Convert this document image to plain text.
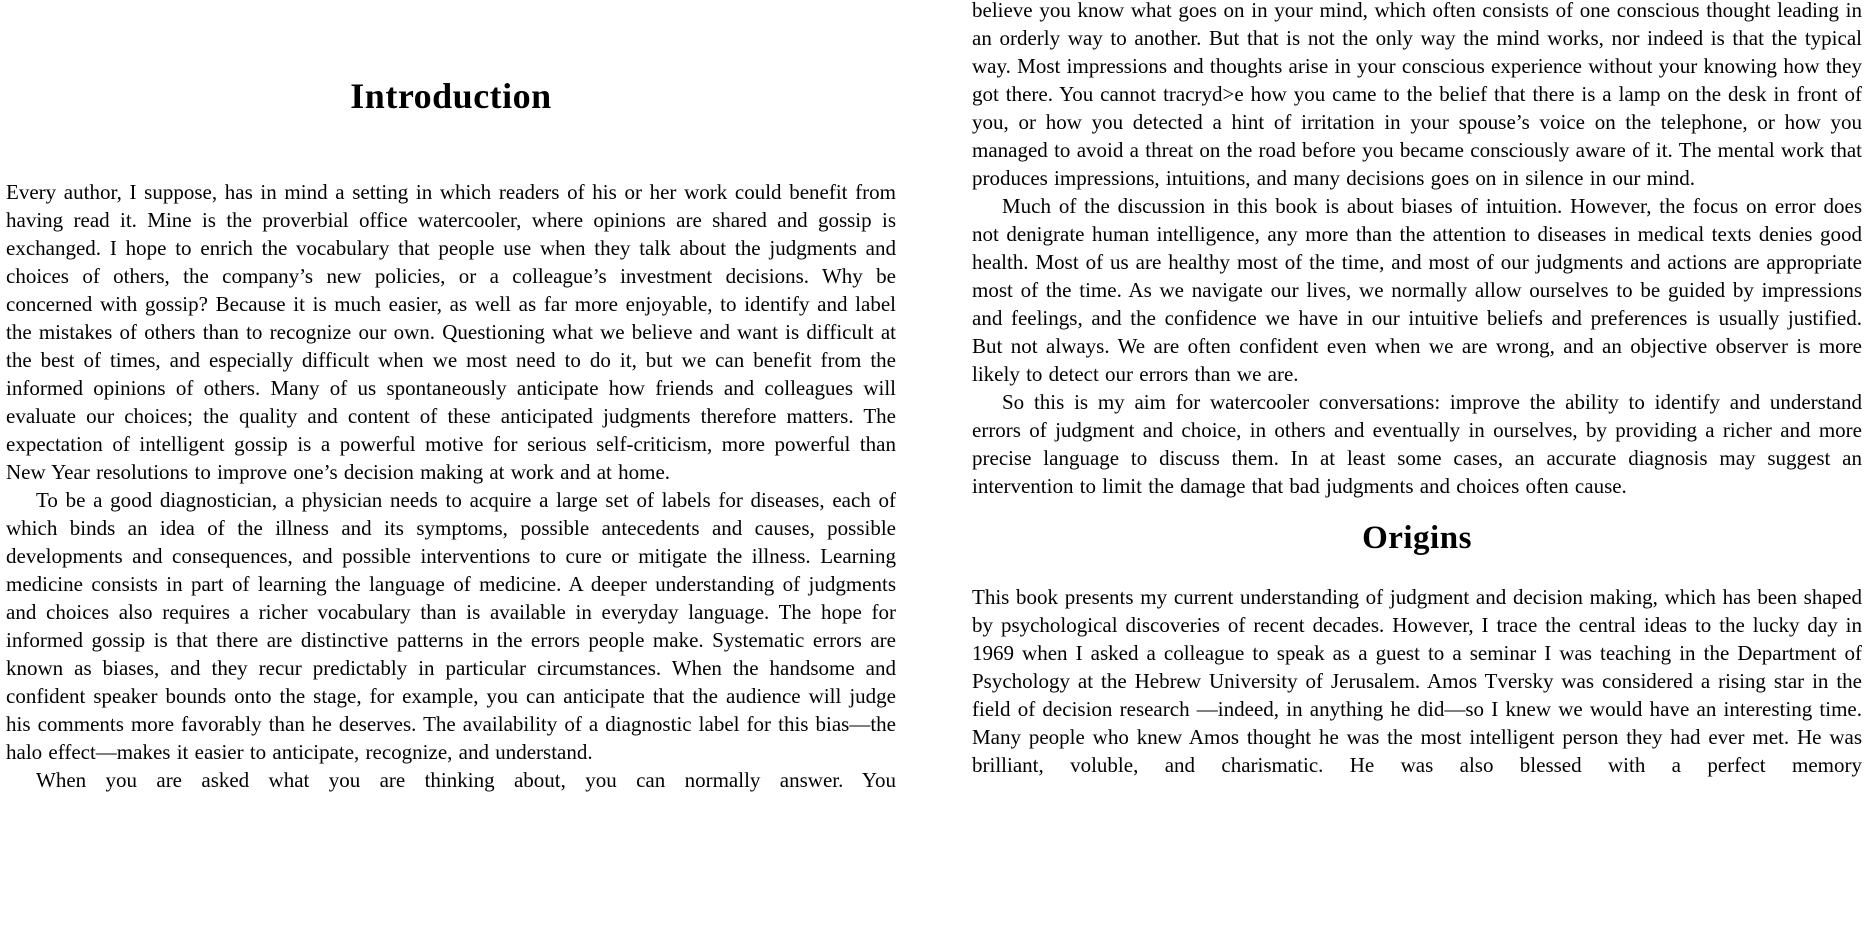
Introduction

Every author, I suppose, has in mind a setting in which readers of his or her work could benefit from having read it. Mine is the proverbial office watercooler, where opinions are shared and gossip is exchanged. I hope to enrich the vocabulary that people use when they talk about the judgments and choices of others, the company’s new policies, or a colleague’s investment decisions. Why be concerned with gossip? Because it is much easier, as well as far more enjoyable, to identify and label the mistakes of others than to recognize our own. Questioning what we believe and want is difficult at the best of times, and especially difficult when we most need to do it, but we can benefit from the informed opinions of others. Many of us spontaneously anticipate how friends and colleagues will evaluate our choices; the quality and content of these anticipated judgments therefore matters. The expectation of intelligent gossip is a powerful motive for serious self-criticism, more powerful than New Year resolutions to improve one’s decision making at work and at home.

To be a good diagnostician, a physician needs to acquire a large set of labels for diseases, each of which binds an idea of the illness and its symptoms, possible antecedents and causes, possible developments and consequences, and possible interventions to cure or mitigate the illness. Learning medicine consists in part of learning the language of medicine. A deeper understanding of judgments and choices also requires a richer vocabulary than is available in everyday language. The hope for informed gossip is that there are distinctive patterns in the errors people make. Systematic errors are known as biases, and they recur predictably in particular circumstances. When the handsome and confident speaker bounds onto the stage, for example, you can anticipate that the audience will judge his comments more favorably than he deserves. The availability of a diagnostic label for this bias—the halo effect—makes it easier to anticipate, recognize, and understand.

When you are asked what you are thinking about, you can normally answer. You

believe you know what goes on in your mind, which often consists of one conscious thought leading in an orderly way to another. But that is not the only way the mind works, nor indeed is that the typical way. Most impressions and thoughts arise in your conscious experience without your knowing how they got there. You cannot tracryd>e how you came to the belief that there is a lamp on the desk in front of you, or how you detected a hint of irritation in your spouse’s voice on the telephone, or how you managed to avoid a threat on the road before you became consciously aware of it. The mental work that produces impressions, intuitions, and many decisions goes on in silence in our mind.

Much of the discussion in this book is about biases of intuition. However, the focus on error does not denigrate human intelligence, any more than the attention to diseases in medical texts denies good health. Most of us are healthy most of the time, and most of our judgments and actions are appropriate most of the time. As we navigate our lives, we normally allow ourselves to be guided by impressions and feelings, and the confidence we have in our intuitive beliefs and preferences is usually justified. But not always. We are often confident even when we are wrong, and an objective observer is more likely to detect our errors than we are.

So this is my aim for watercooler conversations: improve the ability to identify and understand errors of judgment and choice, in others and eventually in ourselves, by providing a richer and more precise language to discuss them. In at least some cases, an accurate diagnosis may suggest an intervention to limit the damage that bad judgments and choices often cause.

Origins

This book presents my current understanding of judgment and decision making, which has been shaped by psychological discoveries of recent decades. However, I trace the central ideas to the lucky day in 1969 when I asked a colleague to speak as a guest to a seminar I was teaching in the Department of Psychology at the Hebrew University of Jerusalem. Amos Tversky was considered a rising star in the field of decision research —indeed, in anything he did—so I knew we would have an interesting time. Many people who knew Amos thought he was the most intelligent person they had ever met. He was brilliant, voluble, and charismatic. He was also blessed with a perfect memory
